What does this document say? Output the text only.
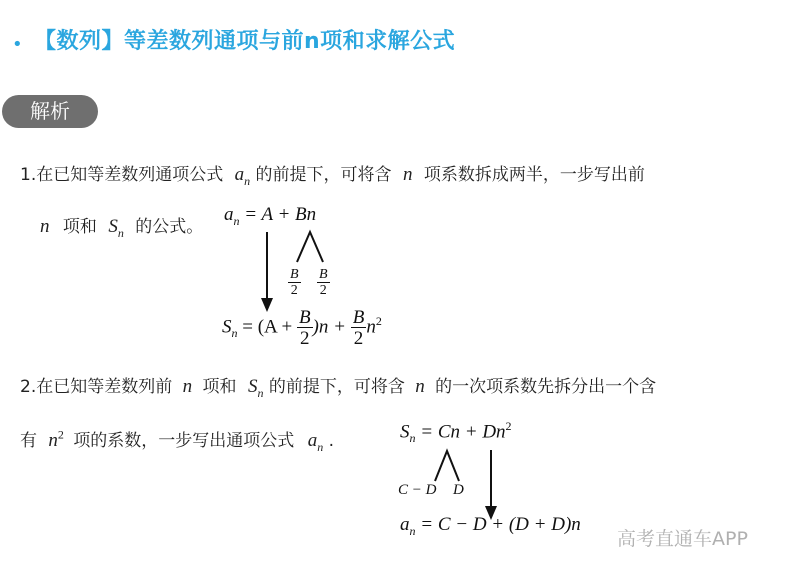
• 【数列】等差数列通项与前n项和求解公式
解析
1.在已知等差数列通项公式 $a_n$ 的前提下，可将含 n 项系数拆成两半，一步写出前
n 项和 $S_n$ 的公式。
$a_n = A + Bn$
$\frac{B}{2} \frac{B}{2}$
$S_n = (A + \frac{B}{2} )n + \frac{B}{2} n^2$
2.在已知等差数列前 n 项和 $S_n$ 的前提下，可将含 n 的一次项系数先拆分出一个含
有 $n^2$ 项的系数，一步写出通项公式 $a_n$ .	$S_n = Cn + Dn^2$
C − D D
$a_n = C - D + (D + D)n$
高考直通车APP
